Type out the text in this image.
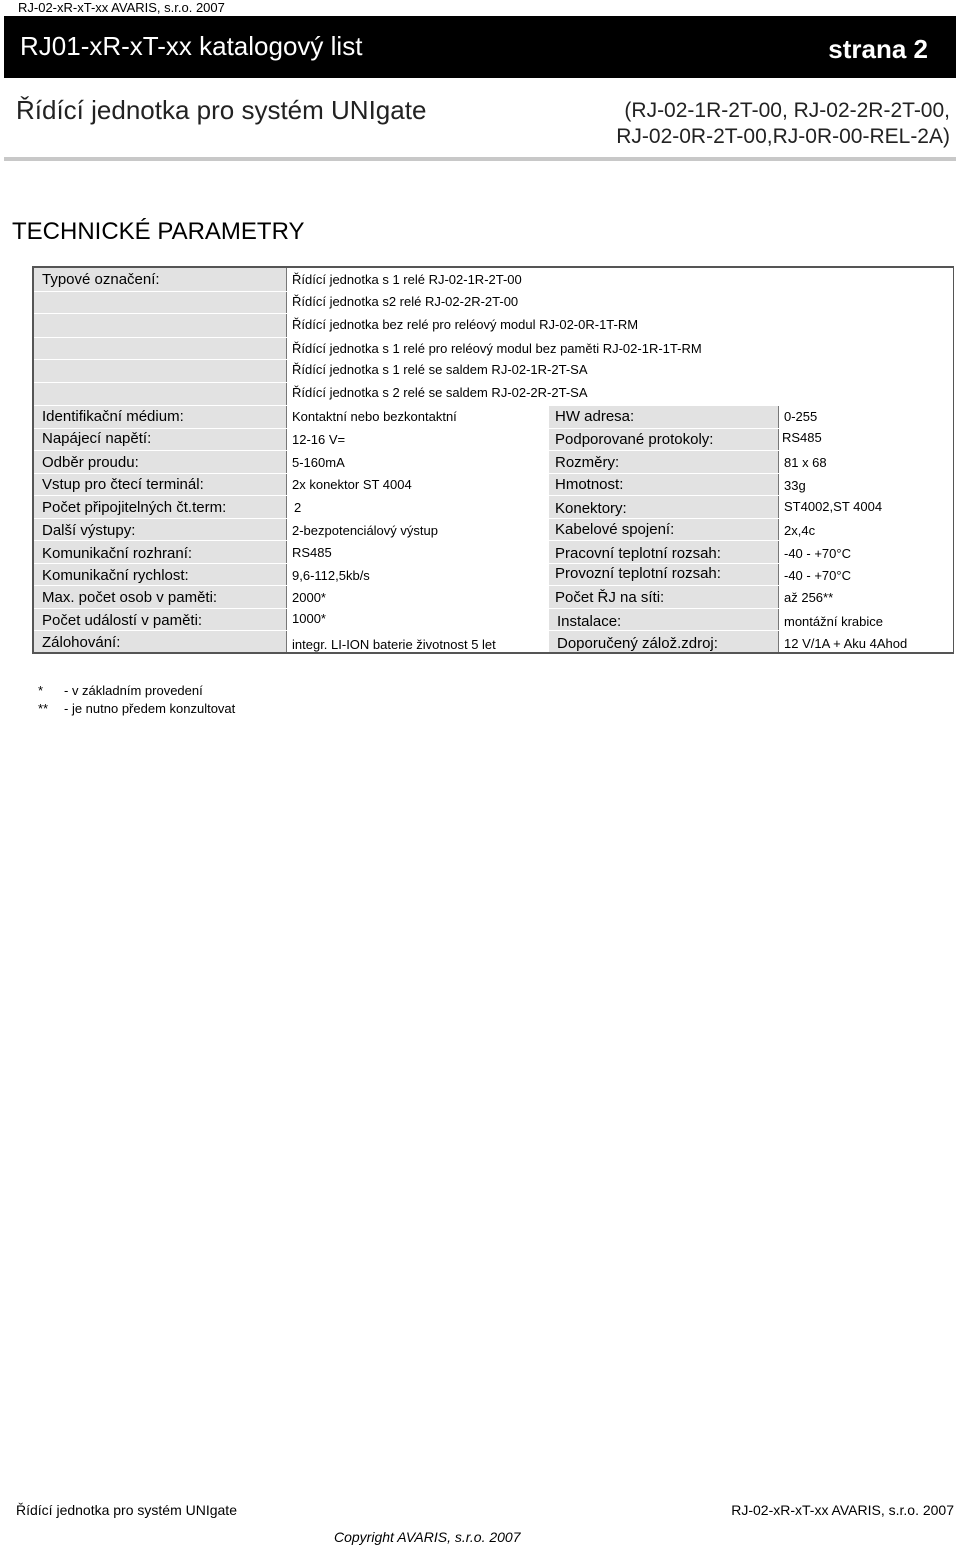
RJ-02-xR-xT-xx AVARIS, s.r.o. 2007
RJ01-xR-xT-xx katalogový list	strana 2
Řídící jednotka pro systém UNIgate	(RJ-02-1R-2T-00, RJ-02-2R-2T-00,
RJ-02-0R-2T-00,RJ-0R-00-REL-2A)
TECHNICKÉ PARAMETRY
Typové označení:	Řídící jednotka s 1 relé RJ-02-1R-2T-00
Řídící jednotka s2 relé RJ-02-2R-2T-00
Řídící jednotka bez relé pro reléový modul RJ-02-0R-1T-RM
Řídící jednotka s 1 relé pro reléový modul bez paměti RJ-02-1R-1T-RM
Řídící jednotka s 1 relé se saldem RJ-02-1R-2T-SA
Řídící jednotka s 2 relé se saldem RJ-02-2R-2T-SA
Identifikační médium:	Kontaktní nebo bezkontaktní	HW adresa:	0-255
Napájecí napětí:	12-16 V=	Podporované protokoly:	RS485
Odběr proudu:	5-160mA	Rozměry:	81 x 68
Vstup pro čtecí terminál:	2x konektor ST 4004	Hmotnost:	33g
Počet připojitelných čt.term:	2	Konektory:	ST4002,ST 4004
Další výstupy:	2-bezpotenciálový výstup	Kabelové spojení:	2x,4c
Komunikační rozhraní:	RS485	Pracovní teplotní rozsah:	-40 - +70°C
Komunikační rychlost:	9,6-112,5kb/s	Provozní teplotní rozsah:	-40 - +70°C
Max. počet osob v paměti:	2000*	Počet ŘJ na síti:	až 256**
Počet událostí v paměti:	1000*	Instalace:	montážní krabice
Zálohování:	integr. LI-ION baterie životnost 5 let	Doporučený zálož.zdroj:	12 V/1A + Aku 4Ahod
* - v základním provedení
** - je nutno předem konzultovat
Řídící jednotka pro systém UNIgate	RJ-02-xR-xT-xx AVARIS, s.r.o. 2007
Copyright AVARIS, s.r.o. 2007
